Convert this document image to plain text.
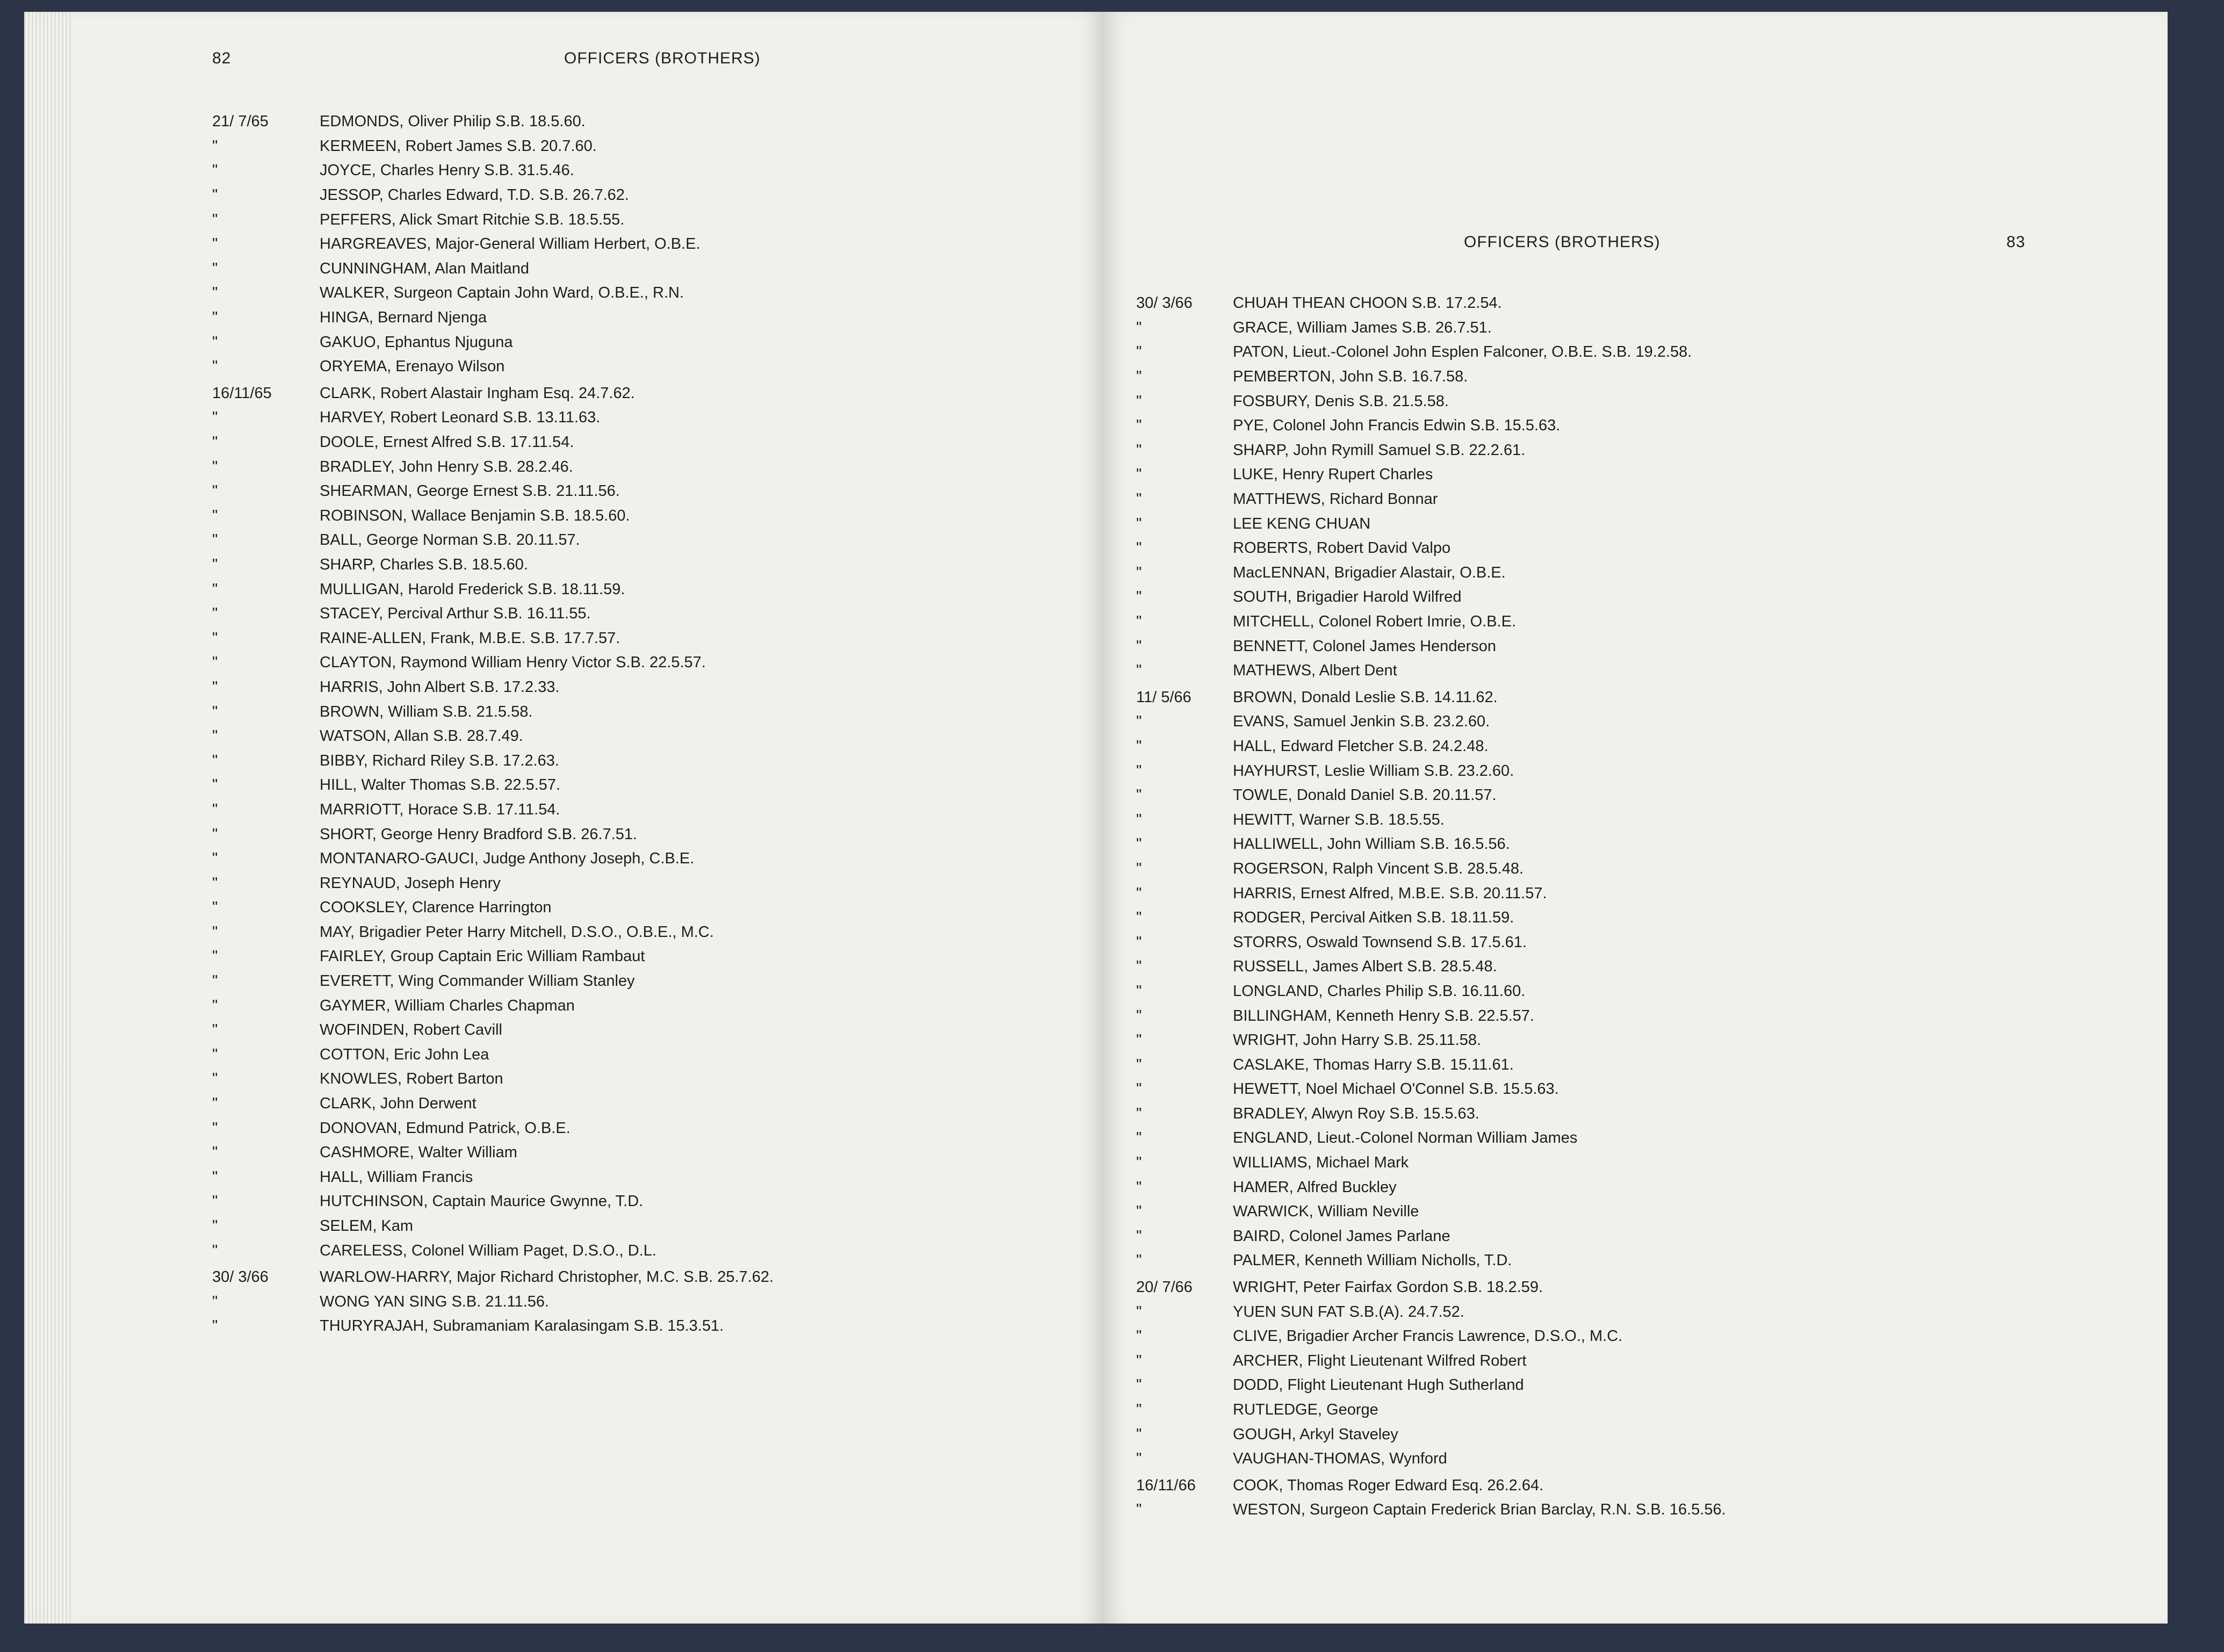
82	OFFICERS (BROTHERS)
21/ 7/65	EDMONDS, Oliver Philip S.B. 18.5.60.
"	KERMEEN, Robert James S.B. 20.7.60.
"	JOYCE, Charles Henry S.B. 31.5.46.
"	JESSOP, Charles Edward, T.D. S.B. 26.7.62.
"	PEFFERS, Alick Smart Ritchie S.B. 18.5.55.
"	HARGREAVES, Major-General William Herbert, O.B.E.
"	CUNNINGHAM, Alan Maitland
"	WALKER, Surgeon Captain John Ward, O.B.E., R.N.
"	HINGA, Bernard Njenga
"	GAKUO, Ephantus Njuguna
"	ORYEMA, Erenayo Wilson
16/11/65	CLARK, Robert Alastair Ingham Esq. 24.7.62.
"	HARVEY, Robert Leonard S.B. 13.11.63.
"	DOOLE, Ernest Alfred S.B. 17.11.54.
"	BRADLEY, John Henry S.B. 28.2.46.
"	SHEARMAN, George Ernest S.B. 21.11.56.
"	ROBINSON, Wallace Benjamin S.B. 18.5.60.
"	BALL, George Norman S.B. 20.11.57.
"	SHARP, Charles S.B. 18.5.60.
"	MULLIGAN, Harold Frederick S.B. 18.11.59.
"	STACEY, Percival Arthur S.B. 16.11.55.
"	RAINE-ALLEN, Frank, M.B.E. S.B. 17.7.57.
"	CLAYTON, Raymond William Henry Victor S.B. 22.5.57.
"	HARRIS, John Albert S.B. 17.2.33.
"	BROWN, William S.B. 21.5.58.
"	WATSON, Allan S.B. 28.7.49.
"	BIBBY, Richard Riley S.B. 17.2.63.
"	HILL, Walter Thomas S.B. 22.5.57.
"	MARRIOTT, Horace S.B. 17.11.54.
"	SHORT, George Henry Bradford S.B. 26.7.51.
"	MONTANARO-GAUCI, Judge Anthony Joseph, C.B.E.
"	REYNAUD, Joseph Henry
"	COOKSLEY, Clarence Harrington
"	MAY, Brigadier Peter Harry Mitchell, D.S.O., O.B.E., M.C.
"	FAIRLEY, Group Captain Eric William Rambaut
"	EVERETT, Wing Commander William Stanley
"	GAYMER, William Charles Chapman
"	WOFINDEN, Robert Cavill
"	COTTON, Eric John Lea
"	KNOWLES, Robert Barton
"	CLARK, John Derwent
"	DONOVAN, Edmund Patrick, O.B.E.
"	CASHMORE, Walter William
"	HALL, William Francis
"	HUTCHINSON, Captain Maurice Gwynne, T.D.
"	SELEM, Kam
"	CARELESS, Colonel William Paget, D.S.O., D.L.
30/ 3/66	WARLOW-HARRY, Major Richard Christopher, M.C. S.B. 25.7.62.
"	WONG YAN SING S.B. 21.11.56.
"	THURYRAJAH, Subramaniam Karalasingam S.B. 15.3.51.
OFFICERS (BROTHERS)	83
30/ 3/66	CHUAH THEAN CHOON S.B. 17.2.54.
"	GRACE, William James S.B. 26.7.51.
"	PATON, Lieut.-Colonel John Esplen Falconer, O.B.E. S.B. 19.2.58.
"	PEMBERTON, John S.B. 16.7.58.
"	FOSBURY, Denis S.B. 21.5.58.
"	PYE, Colonel John Francis Edwin S.B. 15.5.63.
"	SHARP, John Rymill Samuel S.B. 22.2.61.
"	LUKE, Henry Rupert Charles
"	MATTHEWS, Richard Bonnar
"	LEE KENG CHUAN
"	ROBERTS, Robert David Valpo
"	MacLENNAN, Brigadier Alastair, O.B.E.
"	SOUTH, Brigadier Harold Wilfred
"	MITCHELL, Colonel Robert Imrie, O.B.E.
"	BENNETT, Colonel James Henderson
"	MATHEWS, Albert Dent
11/ 5/66	BROWN, Donald Leslie S.B. 14.11.62.
"	EVANS, Samuel Jenkin S.B. 23.2.60.
"	HALL, Edward Fletcher S.B. 24.2.48.
"	HAYHURST, Leslie William S.B. 23.2.60.
"	TOWLE, Donald Daniel S.B. 20.11.57.
"	HEWITT, Warner S.B. 18.5.55.
"	HALLIWELL, John William S.B. 16.5.56.
"	ROGERSON, Ralph Vincent S.B. 28.5.48.
"	HARRIS, Ernest Alfred, M.B.E. S.B. 20.11.57.
"	RODGER, Percival Aitken S.B. 18.11.59.
"	STORRS, Oswald Townsend S.B. 17.5.61.
"	RUSSELL, James Albert S.B. 28.5.48.
"	LONGLAND, Charles Philip S.B. 16.11.60.
"	BILLINGHAM, Kenneth Henry S.B. 22.5.57.
"	WRIGHT, John Harry S.B. 25.11.58.
"	CASLAKE, Thomas Harry S.B. 15.11.61.
"	HEWETT, Noel Michael O'Connel S.B. 15.5.63.
"	BRADLEY, Alwyn Roy S.B. 15.5.63.
"	ENGLAND, Lieut.-Colonel Norman William James
"	WILLIAMS, Michael Mark
"	HAMER, Alfred Buckley
"	WARWICK, William Neville
"	BAIRD, Colonel James Parlane
"	PALMER, Kenneth William Nicholls, T.D.
20/ 7/66	WRIGHT, Peter Fairfax Gordon S.B. 18.2.59.
"	YUEN SUN FAT S.B.(A). 24.7.52.
"	CLIVE, Brigadier Archer Francis Lawrence, D.S.O., M.C.
"	ARCHER, Flight Lieutenant Wilfred Robert
"	DODD, Flight Lieutenant Hugh Sutherland
"	RUTLEDGE, George
"	GOUGH, Arkyl Staveley
"	VAUGHAN-THOMAS, Wynford
16/11/66	COOK, Thomas Roger Edward Esq. 26.2.64.
"	WESTON, Surgeon Captain Frederick Brian Barclay, R.N. S.B. 16.5.56.
